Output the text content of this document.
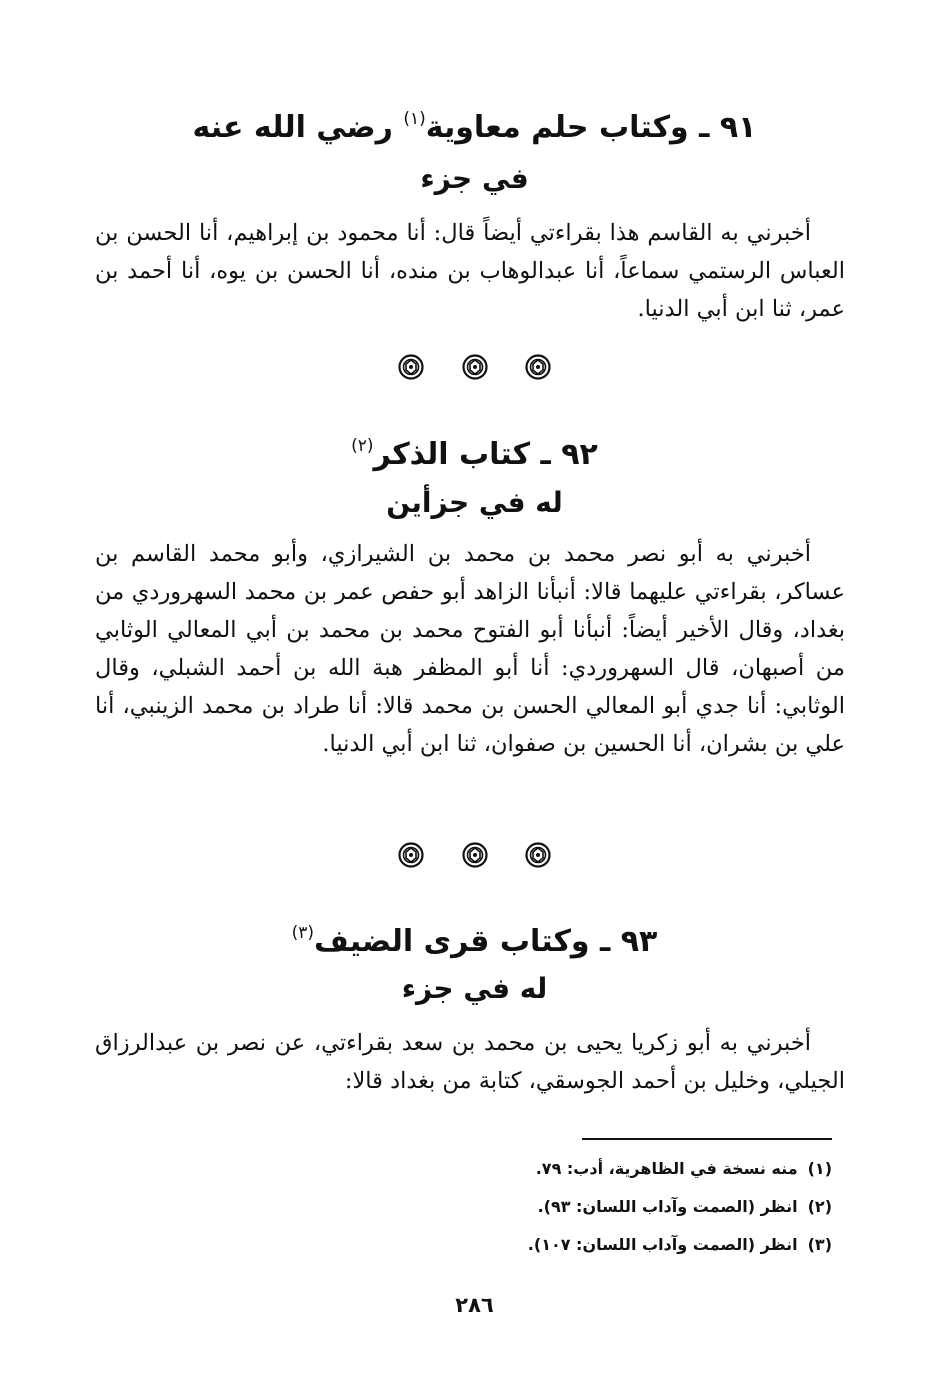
٩١ ـ وكتاب حلم معاوية$^{(١)}$ رضي الله عنه
في جزء

أخبرني به القاسم هذا بقراءتي أيضاً قال: أنا محمود بن إبراهيم، أنا الحسن بن العباس الرستمي سماعاً، أنا عبدالوهاب بن منده، أنا الحسن بن يوه، أنا أحمد بن عمر، ثنا ابن أبي الدنيا.

٩٢ ـ كتاب الذكر$^{(٢)}$
له في جزأين

أخبرني به أبو نصر محمد بن محمد بن الشيرازي، وأبو محمد القاسم بن عساكر، بقراءتي عليهما قالا: أنبأنا الزاهد أبو حفص عمر بن محمد السهروردي من بغداد، وقال الأخير أيضاً: أنبأنا أبو الفتوح محمد بن محمد بن أبي المعالي الوثابي من أصبهان، قال السهروردي: أنا أبو المظفر هبة الله بن أحمد الشبلي، وقال الوثابي: أنا جدي أبو المعالي الحسن بن محمد قالا: أنا طراد بن محمد الزينبي، أنا علي بن بشران، أنا الحسين بن صفوان، ثنا ابن أبي الدنيا.

٩٣ ـ وكتاب قرى الضيف$^{(٣)}$
له في جزء

أخبرني به أبو زكريا يحيى بن محمد بن سعد بقراءتي، عن نصر بن عبدالرزاق الجيلي، وخليل بن أحمد الجوسقي، كتابة من بغداد قالا:

(١)منه نسخة في الظاهرية، أدب: ٧٩.

(٢)انظر (الصمت وآداب اللسان: ٩٣).

(٣)انظر (الصمت وآداب اللسان: ١٠٧).

٢٨٦
